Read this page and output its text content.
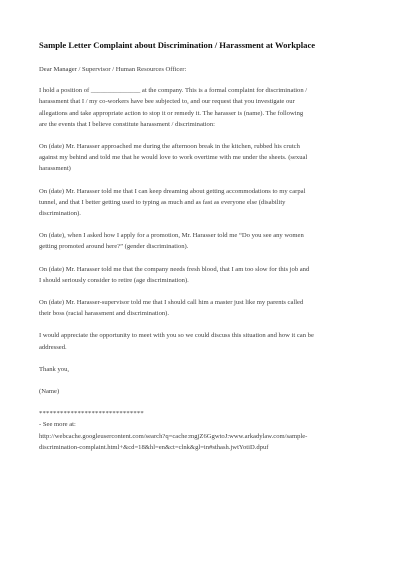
Sample Letter Complaint about Discrimination / Harassment at Workplace
Dear Manager / Supervisor / Human Resources Officer:
I hold a position of _______________ at the company. This is a formal complaint for discrimination /
harassment that I / my co-workers have bee subjected to, and our request that you investigate our
allegations and take appropriate action to stop it or remedy it. The harasser is (name). The following
are the events that I believe constitute harassment / discrimination:
On (date) Mr. Harasser approached me during the afternoon break in the kitchen, rubbed his crutch
against my behind and told me that he would love to work overtime with me under the sheets. (sexual
harassment)
On (date) Mr. Harasser told me that I can keep dreaming about getting accommodations to my carpal
tunnel, and that I better getting used to typing as much and as fast as everyone else (disability
discrimination).
On (date), when I asked how I apply for a promotion, Mr. Harasser told me “Do you see any women
getting promoted around here?” (gender discrimination).
On (date) Mr. Harasser told me that the company needs fresh blood, that I am too slow for this job and
I should seriously consider to retire (age discrimination).
On (date) Mr. Harasser-supervisor told me that I should call him a master just like my parents called
their boss (racial harassment and discrimination).
I would appreciate the opportunity to meet with you so we could discuss this situation and how it can be
addressed.
Thank you,
(Name)
******************************
- See more at:
http://webcache.googleusercontent.com/search?q=cache:mgjZ6GgwtoJ:www.arkadylaw.com/sample-
discrimination-complaint.html+&cd=18&hl=en&ct=clnk&gl=in#sthash.jwtYotiD.dpuf
